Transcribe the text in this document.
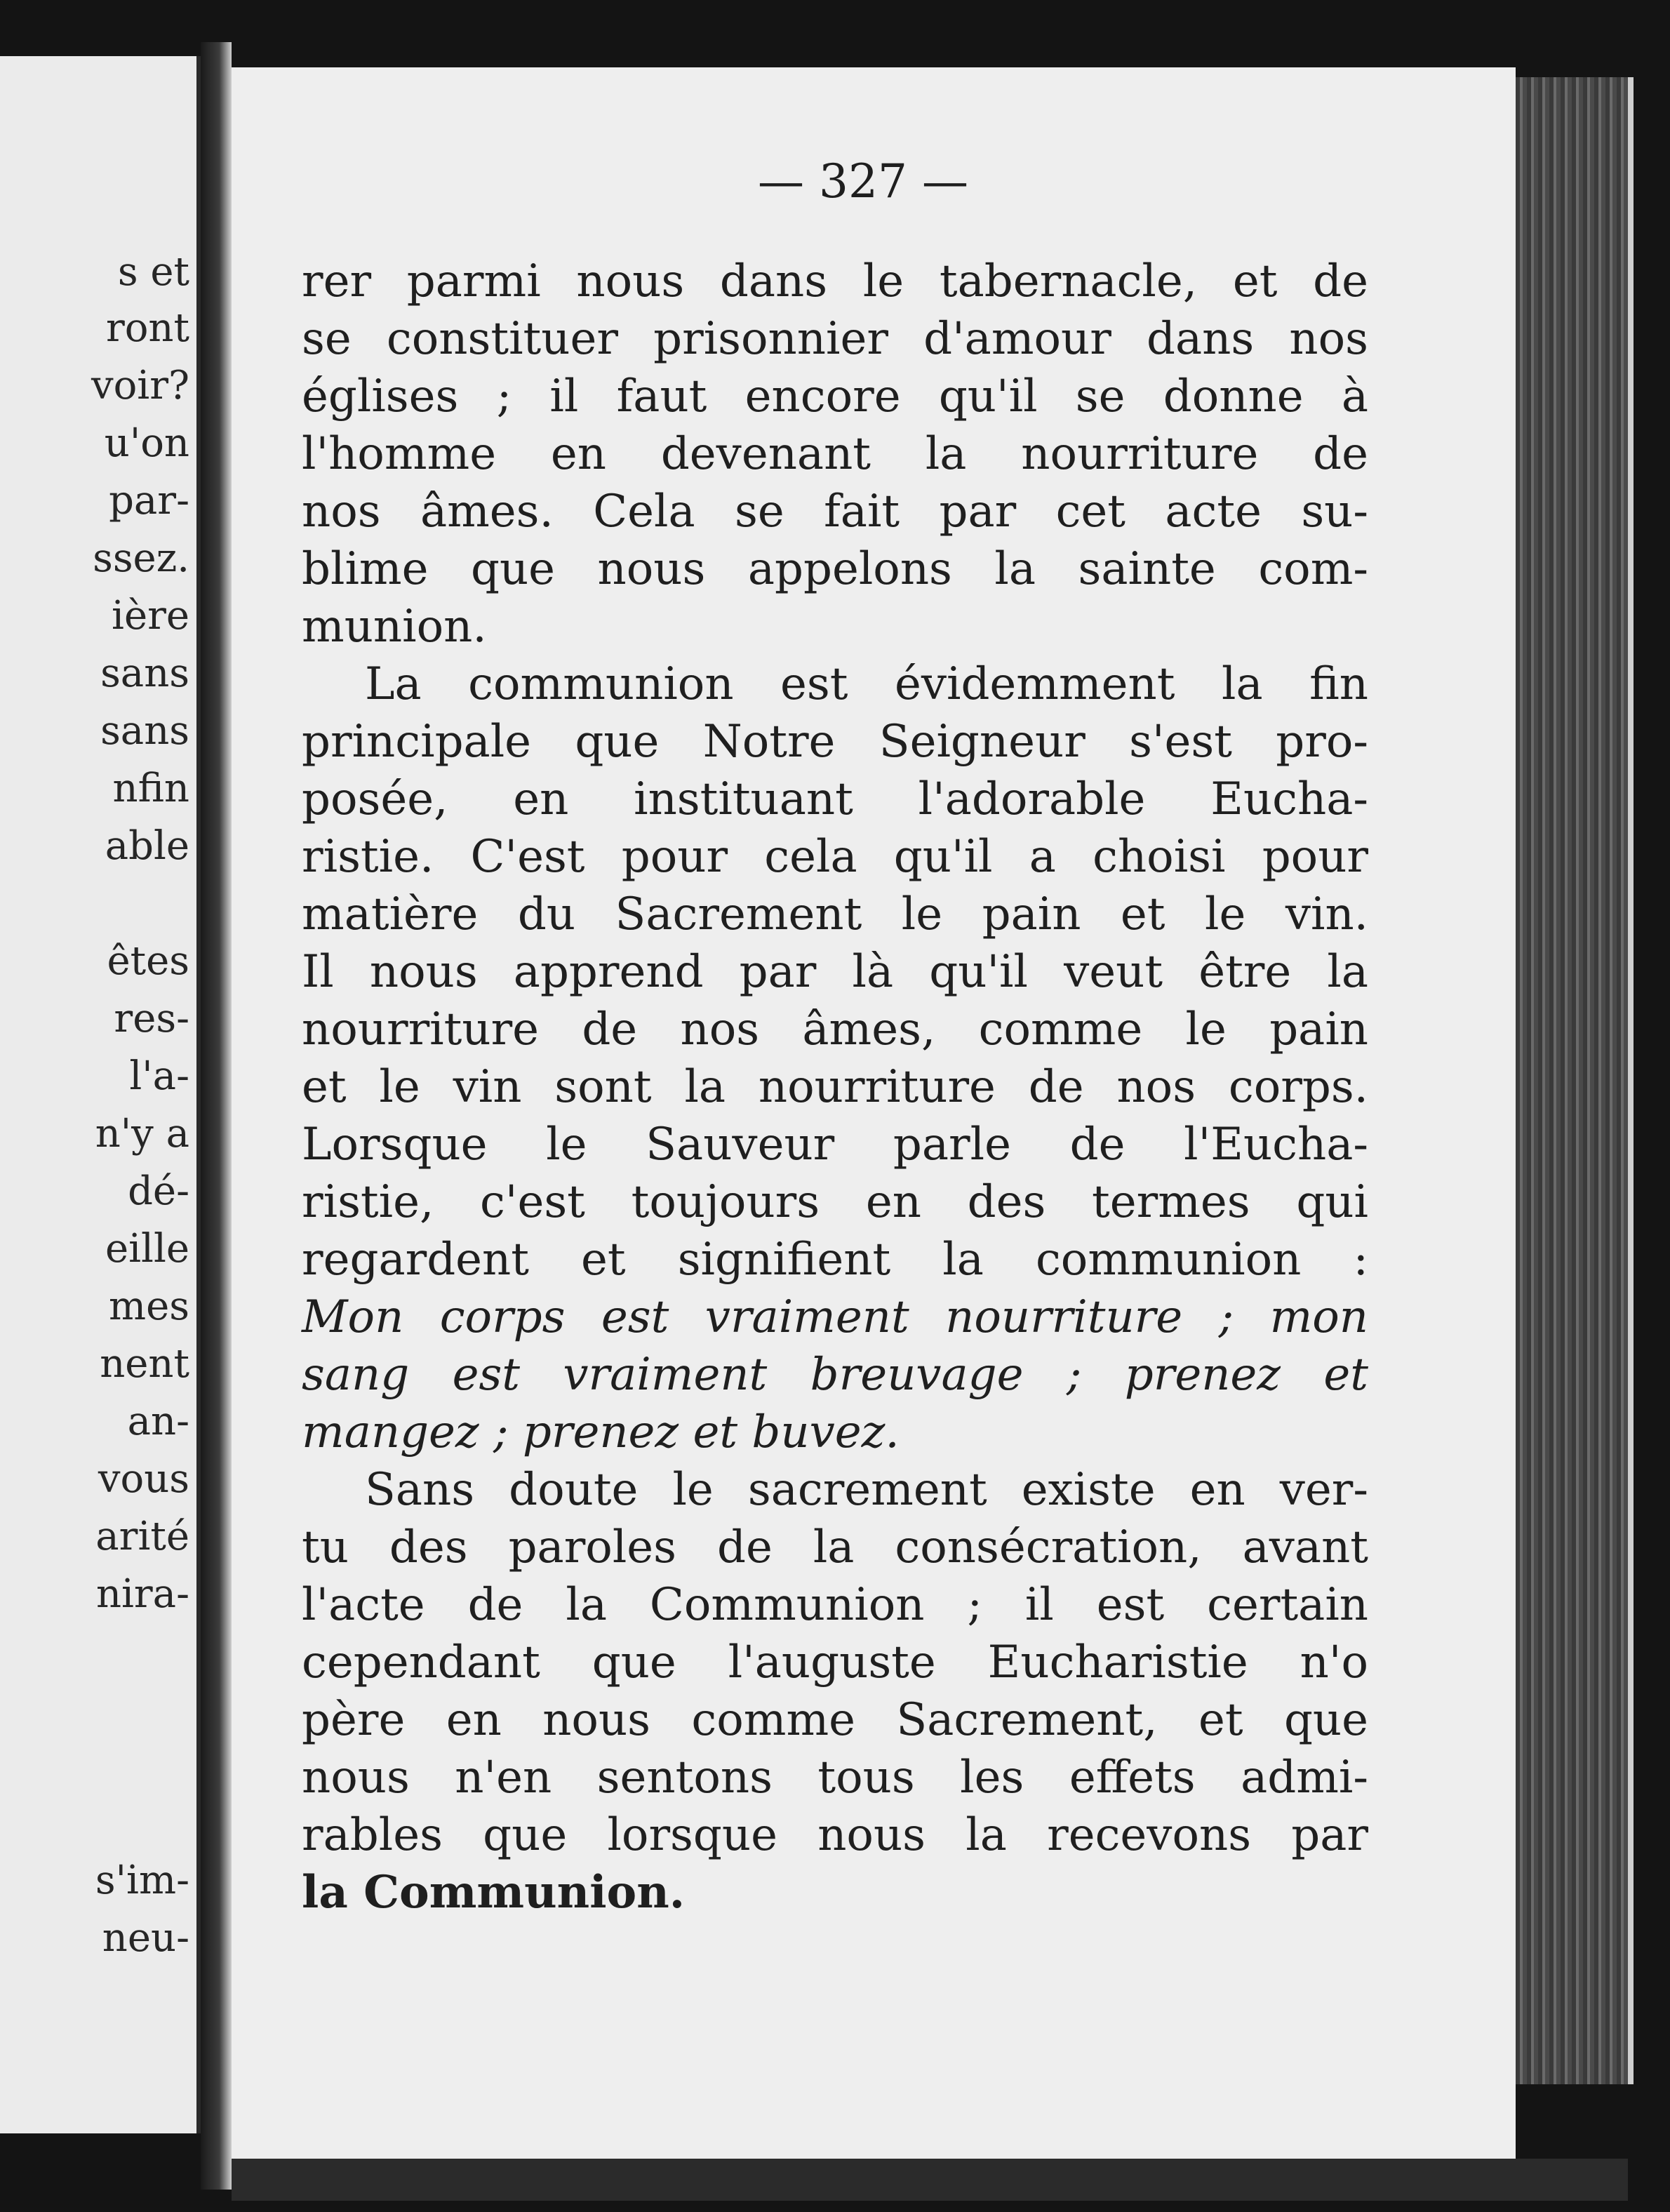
s et
ront
voir?
u'on
par-
ssez.
ière
sans
sans
nfin
able
êtes
res-
l'a-
n'y a
dé-
eille
mes
nent
an-
vous
arité
nira-
s'im-
neu-
— 327 —
rer parmi nous dans le tabernacle, et de
se constituer prisonnier d'amour dans nos
églises ; il faut encore qu'il se donne à
l'homme en devenant la nourriture de
nos âmes. Cela se fait par cet acte su-
blime que nous appelons la sainte com-
munion.
La communion est évidemment la fin
principale que Notre Seigneur s'est pro-
posée, en instituant l'adorable Eucha-
ristie. C'est pour cela qu'il a choisi pour
matière du Sacrement le pain et le vin.
Il nous apprend par là qu'il veut être la
nourriture de nos âmes, comme le pain
et le vin sont la nourriture de nos corps.
Lorsque le Sauveur parle de l'Eucha-
ristie, c'est toujours en des termes qui
regardent et signifient la communion :
Mon corps est vraiment nourriture ; mon
sang est vraiment breuvage ; prenez et
mangez ; prenez et buvez.
Sans doute le sacrement existe en ver-
tu des paroles de la consécration, avant
l'acte de la Communion ; il est certain
cependant que l'auguste Eucharistie n'o
père en nous comme Sacrement, et que
nous n'en sentons tous les effets admi-
rables que lorsque nous la recevons par
la Communion.
